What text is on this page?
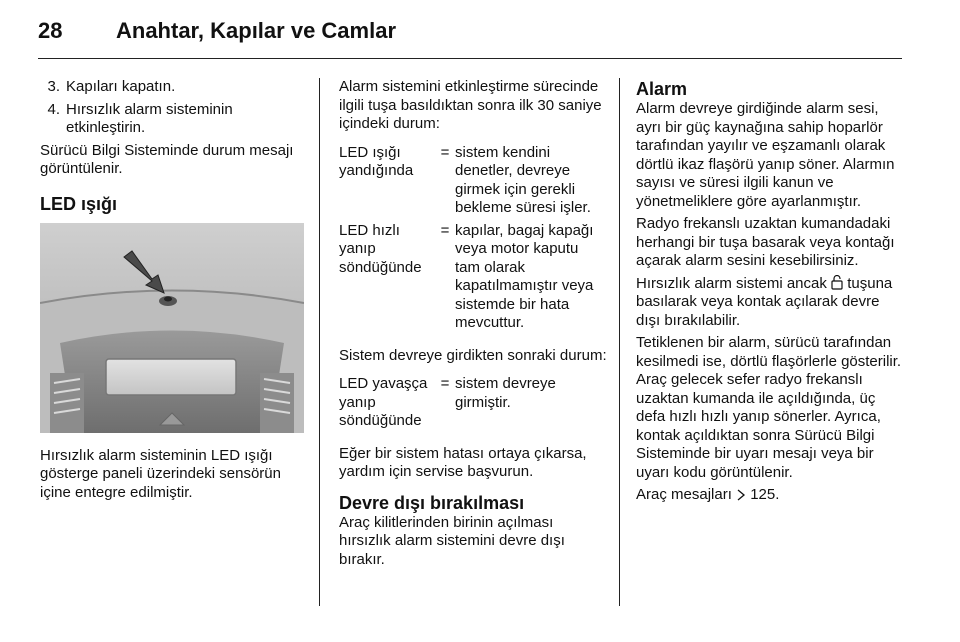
28	Anahtar, Kapılar ve Camlar
3. Kapıları kapatın.
4. Hırsızlık alarm sisteminin etkinleştirin.
Sürücü Bilgi Sisteminde durum mesajı görüntülenir.
LED ışığı
Hırsızlık alarm sisteminin LED ışığı gösterge paneli üzerindeki sensörün içine entegre edilmiştir.
Alarm sistemini etkinleştirme sürecinde ilgili tuşa basıldıktan sonra ilk 30 saniye içindeki durum:
LED ışığı yandığında
= sistem kendini denetler, devreye girmek için gerekli bekleme süresi işler.
LED hızlı yanıp söndüğünde
= kapılar, bagaj kapağı veya motor kaputu tam olarak kapatılmamıştır veya sistemde bir hata mevcuttur.
Sistem devreye girdikten sonraki durum:
LED yavaşça yanıp söndüğünde
= sistem devreye girmiştir.
Eğer bir sistem hatası ortaya çıkarsa, yardım için servise başvurun.
Devre dışı bırakılması
Araç kilitlerinden birinin açılması hırsızlık alarm sistemini devre dışı bırakır.
Alarm
Alarm devreye girdiğinde alarm sesi, ayrı bir güç kaynağına sahip hoparlör tarafından yayılır ve eşzamanlı olarak dörtlü ikaz flaşörü yanıp söner. Alarmın sayısı ve süresi ilgili kanun ve yönetmeliklere göre ayarlanmıştır.
Radyo frekanslı uzaktan kumandadaki herhangi bir tuşa basarak veya kontağı açarak alarm sesini kesebilirsiniz.
Hırsızlık alarm sistemi ancak tuşuna basılarak veya kontak açılarak devre dışı bırakılabilir.
Tetiklenen bir alarm, sürücü tarafından kesilmedi ise, dörtlü flaşörlerle gösterilir. Araç gelecek sefer radyo frekanslı uzaktan kumanda ile açıldığında, üç defa hızlı hızlı yanıp sönerler. Ayrıca, kontak açıldıktan sonra Sürücü Bilgi Sisteminde bir uyarı mesajı veya bir uyarı kodu görüntülenir.
Araç mesajları 125.
